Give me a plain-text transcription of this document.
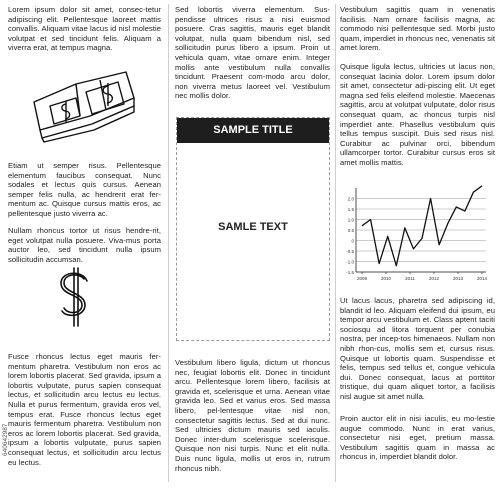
Lorem ipsum dolor sit amet, consec-tetur adipiscing elit. Pellentesque laoreet mattis convallis. Aliquam vitae lacus id nisl molestie volutpat et sed tincidunt felis. Aliquam a viverra erat, at tempus magna.

Etiam ut semper risus. Pellentesque elementum faucibus consequat. Nunc sodales et lectus quis cursus. Aenean semper felis nulla, ac hendrerit erat fer-mentum ac. Quisque cursus mattis eros, ac pellentesque justo viverra ac.

Nullam rhoncus tortor ut risus hendre-rit, eget volutpat nulla posuere. Viva-mus porta auctor leo, sed tincidunt nulla ipsum sollicitudin accumsan.

Fusce rhoncus lectus eget mauris fer-mentum pharetra. Vestibulum non eros ac lorem lobortis placerat. Sed gravida, ipsum a lobortis vulputate, purus sapien consequat lectus, et sollicitudin arcu lectus eu lectus. Nulla et purus fermentum, gravida eros vel, tempus erat. Fusce rhoncus lectus eget mauris fermentum pharetra. Vestibulum non eros ac lorem lobortis placerat. Sed gravida, ipsum a lobortis vulputate, purus sapien consequat lectus, et sollicitudin arcu lectus eu lectus.

640642987

Sed lobortis viverra elementum. Sus-pendisse ultrices risus a nisi euismod posuere. Cras sagittis, mauris eget blandit volutpat, nulla quam bibendum nisl, sed sollicitudin purus libero a ipsum. Proin ut vehicula quam, vitae ornare enim. Integer mollis ante vestibulum nulla convallis tincidunt. Praesent com-modo arcu dolor, non viverra metus laoreet vel. Vestibulum nec mollis dolor.

Vestibulum libero ligula, dictum ut rhoncus nec, feugiat lobortis elit. Donec in tincidunt arcu. Pellentesque lorem libero, facilisis at gravida et, scelerisque et urna. Aenean vitae gravida leo. Sed et varius eros. Sed massa libero, pel-lentesque vitae nisl non, consectetur sagittis lectus. Sed at dui nunc. Sed ultricies dictum mauris sed iaculis. Donec inter-dum scelerisque scelerisque. Quisque non nisi turpis. Nunc et elit nulla. Duis nunc ligula, mollis ut eros in, rutrum rhoncus nibh.

SAMPLE TITLE
SAMLE TEXT

Vestibulum sagittis quam in venenatis facilisis. Nam ornare facilisis magna, ac commodo nisi pellentesque sed. Morbi justo quam, imperdiet in rhoncus nec, venenatis sit amet lorem.

Quisque ligula lectus, ultricies ut lacus non, consequat lacinia dolor. Lorem ipsum dolor sit amet, consectetur adi-piscing elit. Ut eget magna sed felis eleifend molestie. Maecenas sagittis, arcu at volutpat vulputate, dolor risus consequat quam, ac rhoncus turpis nisl imperdiet ante. Phasellus vestibulum quis tellus tempus suscipit. Duis sed risus nisl. Curabitur ac pulvinar orci, bibendum ullamcorper tortor. Curabitur cursus eros sit amet mollis mattis.

2.0
1.5
1.0
0.5
0
-0.5
-1.0
-1.5
2009	2010	2011	2012	2013	2014

Ut lacus lacus, pharetra sed adipiscing id, blandit id leo. Aliquam eleifend dui ipsum, eu tempor arcu vestibulum et. Class aptent taciti sociosqu ad litora torquent per conubia nostra, per incep-tos himenaeos. Nullam non nibh rhon-cus, mollis sem et, cursus risus. Quisque ut lobortis quam. Suspendisse et felis, tempus sed tellus et, congue vehicula dui. Donec consequat, lacus at porttitor tristique, dui quam aliquet tortor, a facilisis nisl augue sit amet nulla.

Proin auctor elit in nisi iaculis, eu mo-lestie augue commodo. Nunc in erat varius, consectetur nisi eget, pretium massa. Vestibulum sagittis quam in massa ac rhoncus in, imperdiet blandit dolor.
